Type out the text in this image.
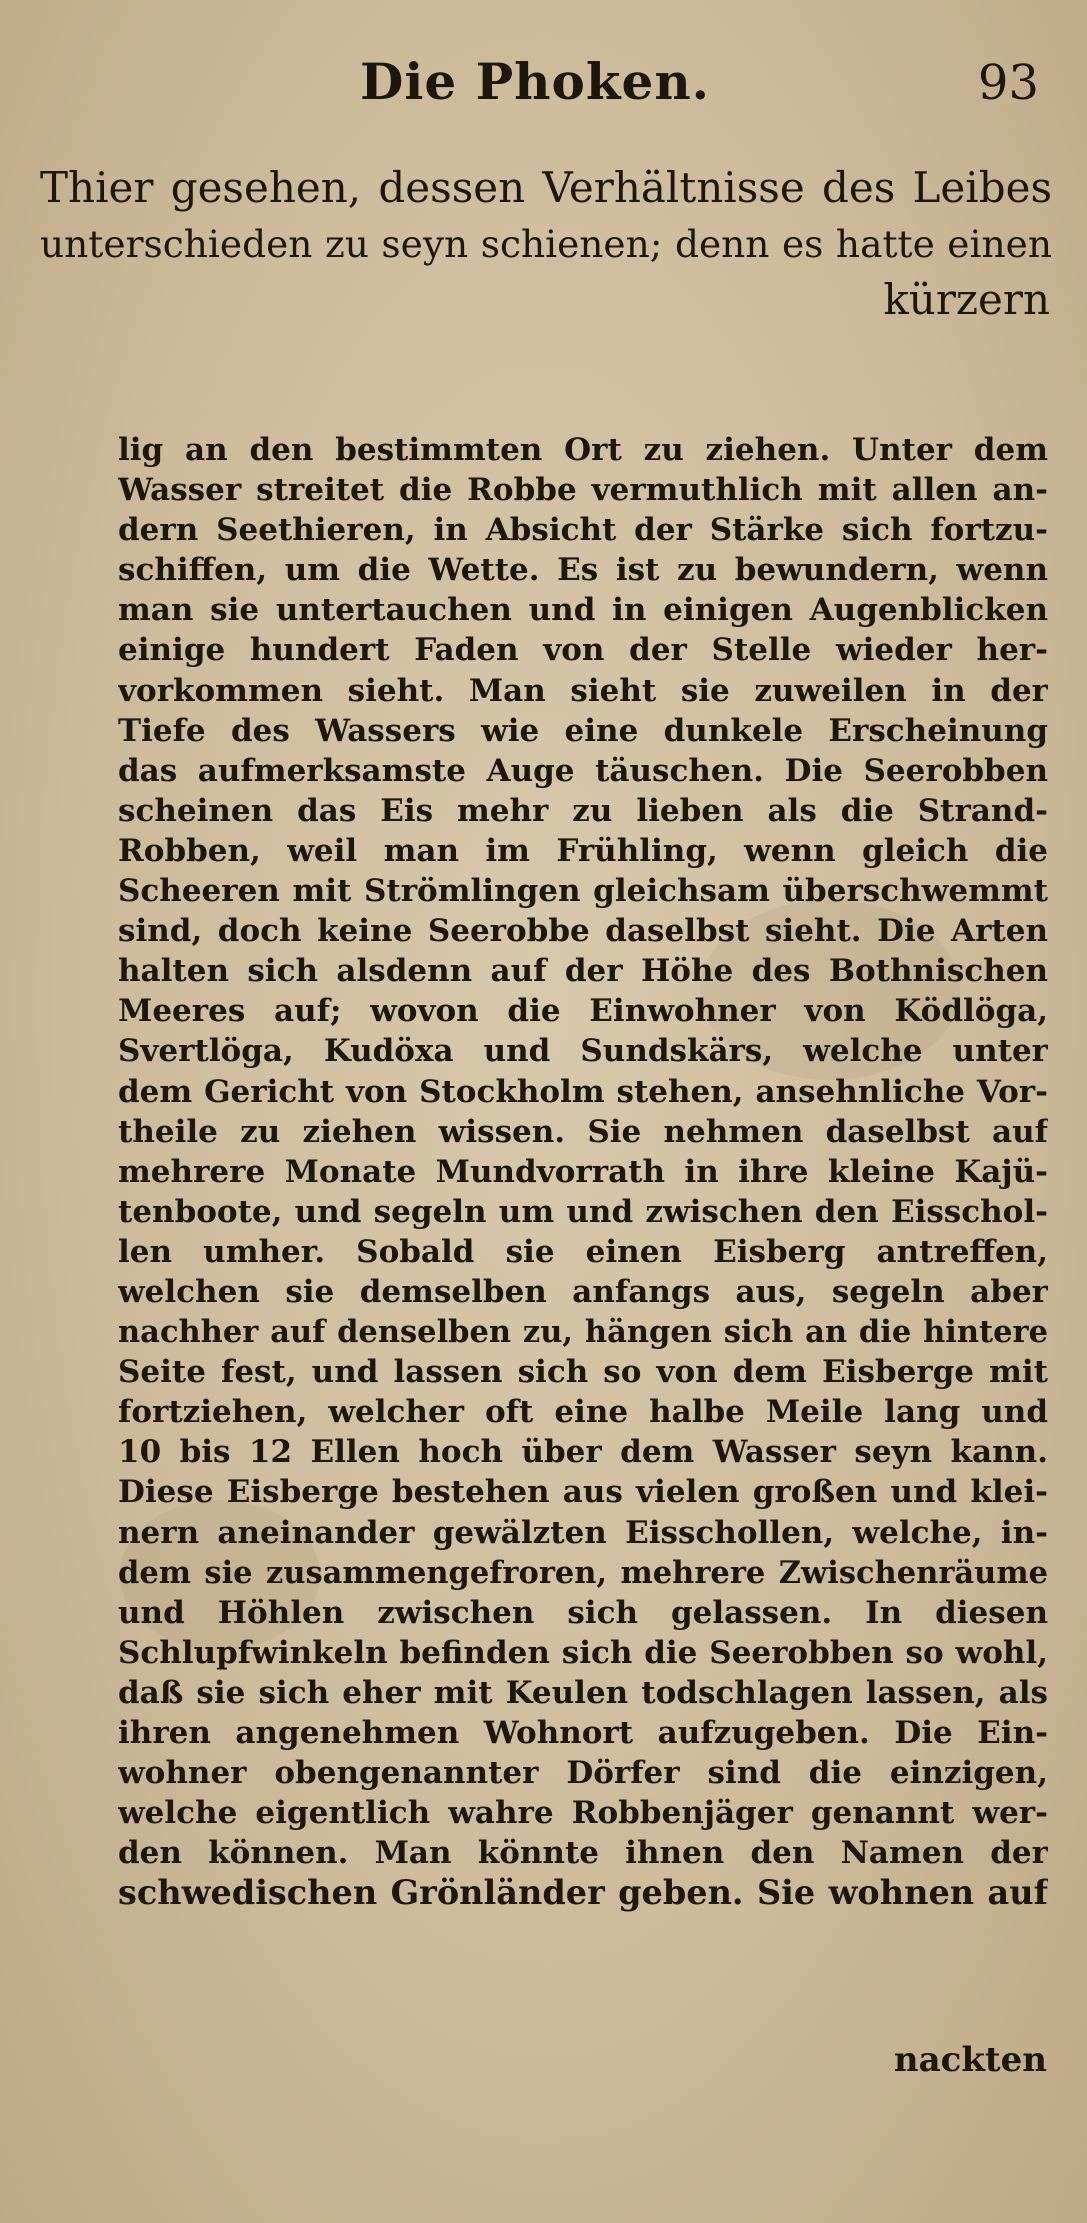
Die Phoken.	93
Thier gesehen, dessen Verhältnisse des Leibes
unterschieden zu seyn schienen; denn es hatte einen
kürzern
lig an den bestimmten Ort zu ziehen. Unter dem
Wasser streitet die Robbe vermuthlich mit allen an-
dern Seethieren, in Absicht der Stärke sich fortzu-
schiffen, um die Wette. Es ist zu bewundern, wenn
man sie untertauchen und in einigen Augenblicken
einige hundert Faden von der Stelle wieder her-
vorkommen sieht. Man sieht sie zuweilen in der
Tiefe des Wassers wie eine dunkele Erscheinung
das aufmerksamste Auge täuschen. Die Seerobben
scheinen das Eis mehr zu lieben als die Strand-
Robben, weil man im Frühling, wenn gleich die
Scheeren mit Strömlingen gleichsam überschwemmt
sind, doch keine Seerobbe daselbst sieht. Die Arten
halten sich alsdenn auf der Höhe des Bothnischen
Meeres auf; wovon die Einwohner von Ködlöga,
Svertlöga, Kudöxa und Sundskärs, welche unter
dem Gericht von Stockholm stehen, ansehnliche Vor-
theile zu ziehen wissen. Sie nehmen daselbst auf
mehrere Monate Mundvorrath in ihre kleine Kajü-
tenboote, und segeln um und zwischen den Eisschol-
len umher. Sobald sie einen Eisberg antreffen,
welchen sie demselben anfangs aus, segeln aber
nachher auf denselben zu, hängen sich an die hintere
Seite fest, und lassen sich so von dem Eisberge mit
fortziehen, welcher oft eine halbe Meile lang und
10 bis 12 Ellen hoch über dem Wasser seyn kann.
Diese Eisberge bestehen aus vielen großen und klei-
nern aneinander gewälzten Eisschollen, welche, in-
dem sie zusammengefroren, mehrere Zwischenräume
und Höhlen zwischen sich gelassen. In diesen
Schlupfwinkeln befinden sich die Seerobben so wohl,
daß sie sich eher mit Keulen todschlagen lassen, als
ihren angenehmen Wohnort aufzugeben. Die Ein-
wohner obengenannter Dörfer sind die einzigen,
welche eigentlich wahre Robbenjäger genannt wer-
den können. Man könnte ihnen den Namen der
schwedischen Grönländer geben. Sie wohnen auf
nackten
